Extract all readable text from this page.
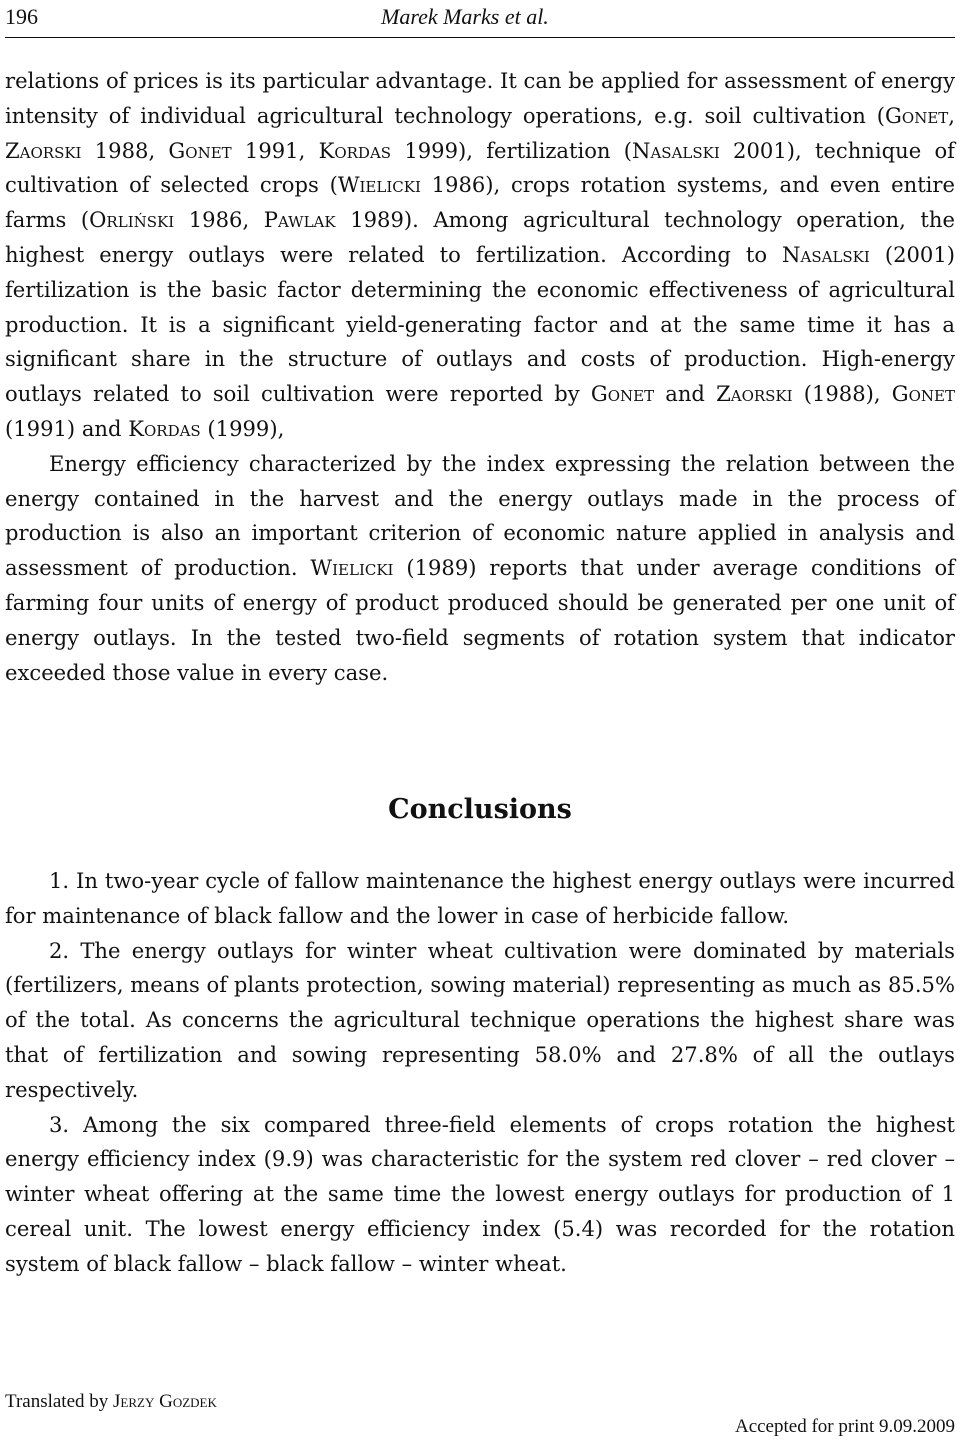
196	Marek Marks et al.

relations of prices is its particular advantage. It can be applied for assessment of energy intensity of individual agricultural technology operations, e.g. soil cultivation (Gonet, Zaorski 1988, Gonet 1991, Kordas 1999), fertilization (Nasalski 2001), technique of cultivation of selected crops (Wielicki 1986), crops rotation systems, and even entire farms (Orliński 1986, Pawlak 1989). Among agricultural technology operation, the highest energy outlays were related to fertilization. According to Nasalski (2001) fertilization is the basic factor determining the economic effectiveness of agricultural production. It is a significant yield-generating factor and at the same time it has a significant share in the structure of outlays and costs of production. High-energy outlays related to soil cultivation were reported by Gonet and Zaorski (1988), Gonet (1991) and Kordas (1999),

Energy efficiency characterized by the index expressing the relation between the energy contained in the harvest and the energy outlays made in the process of production is also an important criterion of economic nature applied in analysis and assessment of production. Wielicki (1989) reports that under average conditions of farming four units of energy of product produced should be generated per one unit of energy outlays. In the tested two-field segments of rotation system that indicator exceeded those value in every case.

Conclusions

1. In two-year cycle of fallow maintenance the highest energy outlays were incurred for maintenance of black fallow and the lower in case of herbicide fallow.

2. The energy outlays for winter wheat cultivation were dominated by materials (fertilizers, means of plants protection, sowing material) representing as much as 85.5% of the total. As concerns the agricultural technique operations the highest share was that of fertilization and sowing representing 58.0% and 27.8% of all the outlays respectively.

3. Among the six compared three-field elements of crops rotation the highest energy efficiency index (9.9) was characteristic for the system red clover – red clover – winter wheat offering at the same time the lowest energy outlays for production of 1 cereal unit. The lowest energy efficiency index (5.4) was recorded for the rotation system of black fallow – black fallow – winter wheat.

Translated by Jerzy Gozdek
Accepted for print 9.09.2009
